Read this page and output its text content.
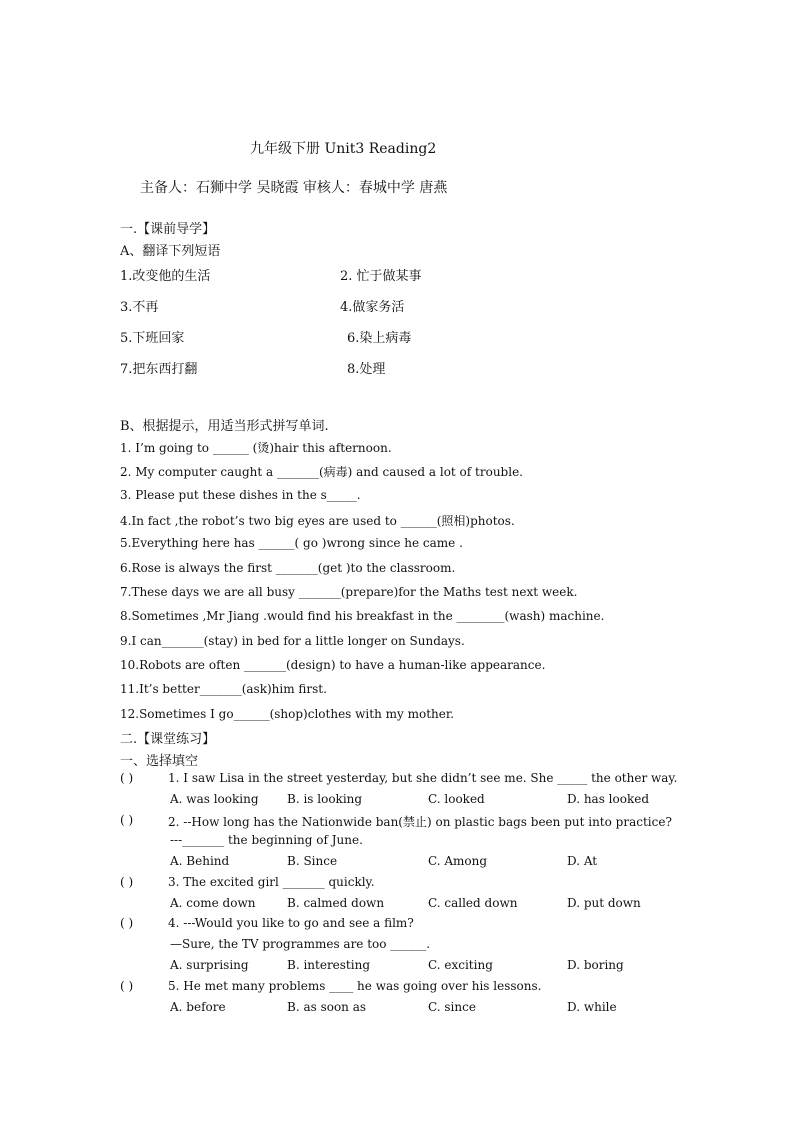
九年级下册 Unit3 Reading2
主备人：石狮中学 吴晓霞 审核人：春城中学 唐燕
一.【课前导学】
A、翻译下列短语
1.改变他的生活	2. 忙于做某事
3.不再	4.做家务活
5.下班回家	6.染上病毒
7.把东西打翻	8.处理
B、根据提示，用适当形式拼写单词.
1. I’m going to ______ (烫)hair this afternoon.
2. My computer caught a _______(病毒) and caused a lot of trouble.
3. Please put these dishes in the s_____.
4.In fact ,the robot’s two big eyes are used to ______(照相)photos.
5.Everything here has ______( go )wrong since he came .
6.Rose is always the first _______(get )to the classroom.
7.These days we are all busy _______(prepare)for the Maths test next week.
8.Sometimes ,Mr Jiang .would find his breakfast in the ________(wash) machine.
9.I can_______(stay) in bed for a little longer on Sundays.
10.Robots are often _______(design) to have a human-like appearance.
11.It’s better_______(ask)him first.
12.Sometimes I go______(shop)clothes with my mother.
二.【课堂练习】
一、选择填空
( )	1. I saw Lisa in the street yesterday, but she didn’t see me. She _____ the other way.
A. was looking B. is looking	C. looked	D. has looked
( )	2. --How long has the Nationwide ban(禁止) on plastic bags been put into practice?
---_______ the beginning of June.
A. Behind	B. Since	C. Among	D. At
( )	3. The excited girl _______ quickly.
A. come down	B. calmed down	C. called down	D. put down
( )	4. ---Would you like to go and see a film?
—Sure, the TV programmes are too ______.
A. surprising	B. interesting	C. exciting	D. boring
( )	5. He met many problems ____ he was going over his lessons.
A. before	B. as soon as	C. since	D. while
